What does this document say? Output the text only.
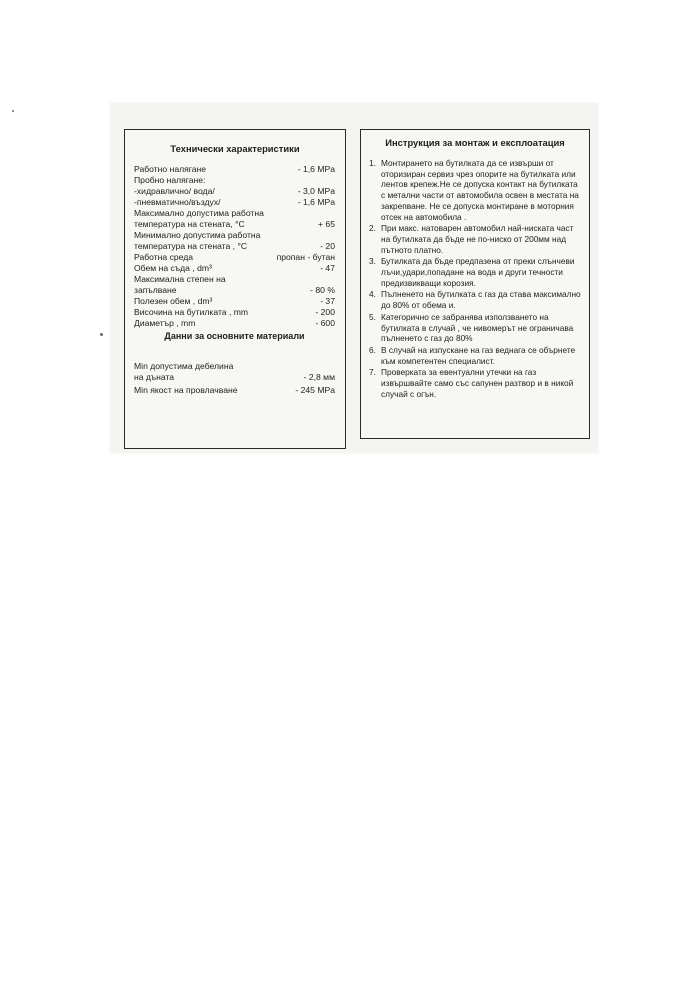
Технически характеристики
Работно налягане	- 1,6 MPa
Пробно налягане:
-хидравлично/ вода/	- 3,0 MPa
-пневматично/въздух/	- 1,6 MPa
Максимално допустима работна
температура на стената, °C	+ 65
Минимално допустима работна
температура на стената , °C	- 20
Работна среда	пропан - бутан
Обем на съда , dm³	- 47
Максимална степен на
запълване	- 80 %
Полезен обем , dm³	- 37
Височина на бутилката , mm	- 200
Диаметър , mm	- 600
Данни за основните материали
Min допустима дебелина
на дъната	- 2,8 мм
Min якост на провлачване	- 245 MPa
Инструкция за монтаж и експлоатация
1. Монтирането на бутилката да се извърши от оторизиран сервиз чрез опорите на бутилката или лентов крепеж.Не се допуска контакт на бутилката с метални части от автомобила освен в местата на закрепване. Не се допуска монтиране в моторния отсек на автомобила .
2. При макс. натоварен автомобил най-ниската част на бутилката да бъде не по-ниско от 200мм над пътното платно.
3. Бутилката да бъде предпазена от преки слънчеви лъчи,удари,попадане на вода и други течности предизвикващи корозия.
4. Пълненето на бутилката с газ да става максимално до 80% от обема и.
5. Категорично се забранява използването на бутилката в случай , че нивомерът не ограничава пълненето с газ до 80%
6. В случай на изпускане на газ веднага се обърнете към компетентен специалист.
7. Проверката за евентуални утечки на газ извършвайте само със сапунен разтвор и в никой случай с огън.
